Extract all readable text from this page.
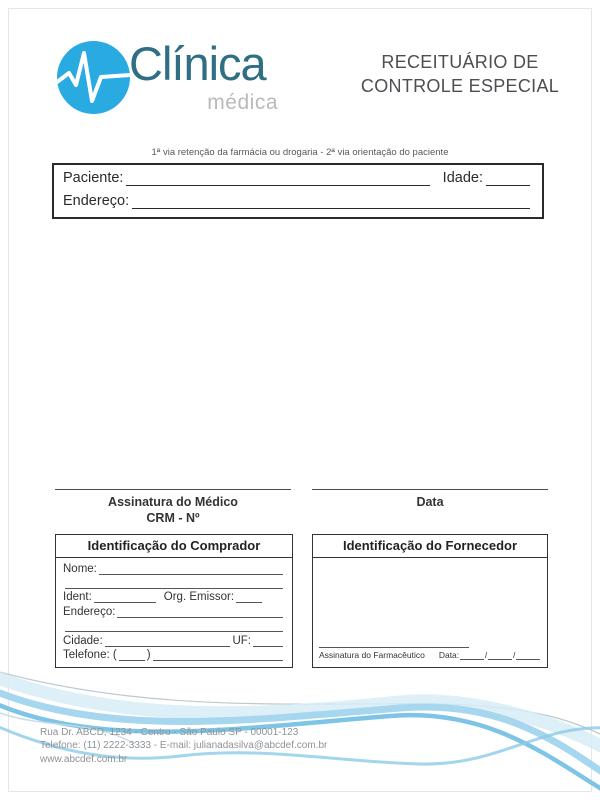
Clínica
médica
RECEITUÁRIO DE
CONTROLE ESPECIAL
1ª via retenção da farmácia ou drogaria - 2ª via orientação do paciente
Paciente:	Idade:
Endereço:
Assinatura do Médico
CRM - Nº
Data
Identificação do Comprador
Nome:
Ident:	Org. Emissor:
Endereço:
Cidade:	UF:
Telefone: (	)
Identificação do Fornecedor
Assinatura do Farmacêutico Data:	/	/
Rua Dr. ABCD, 1234 - Centro - São Paulo SP - 00001-123
Telefone: (11) 2222-3333 - E-mail: julianadasilva@abcdef.com.br
www.abcdef.com.br
